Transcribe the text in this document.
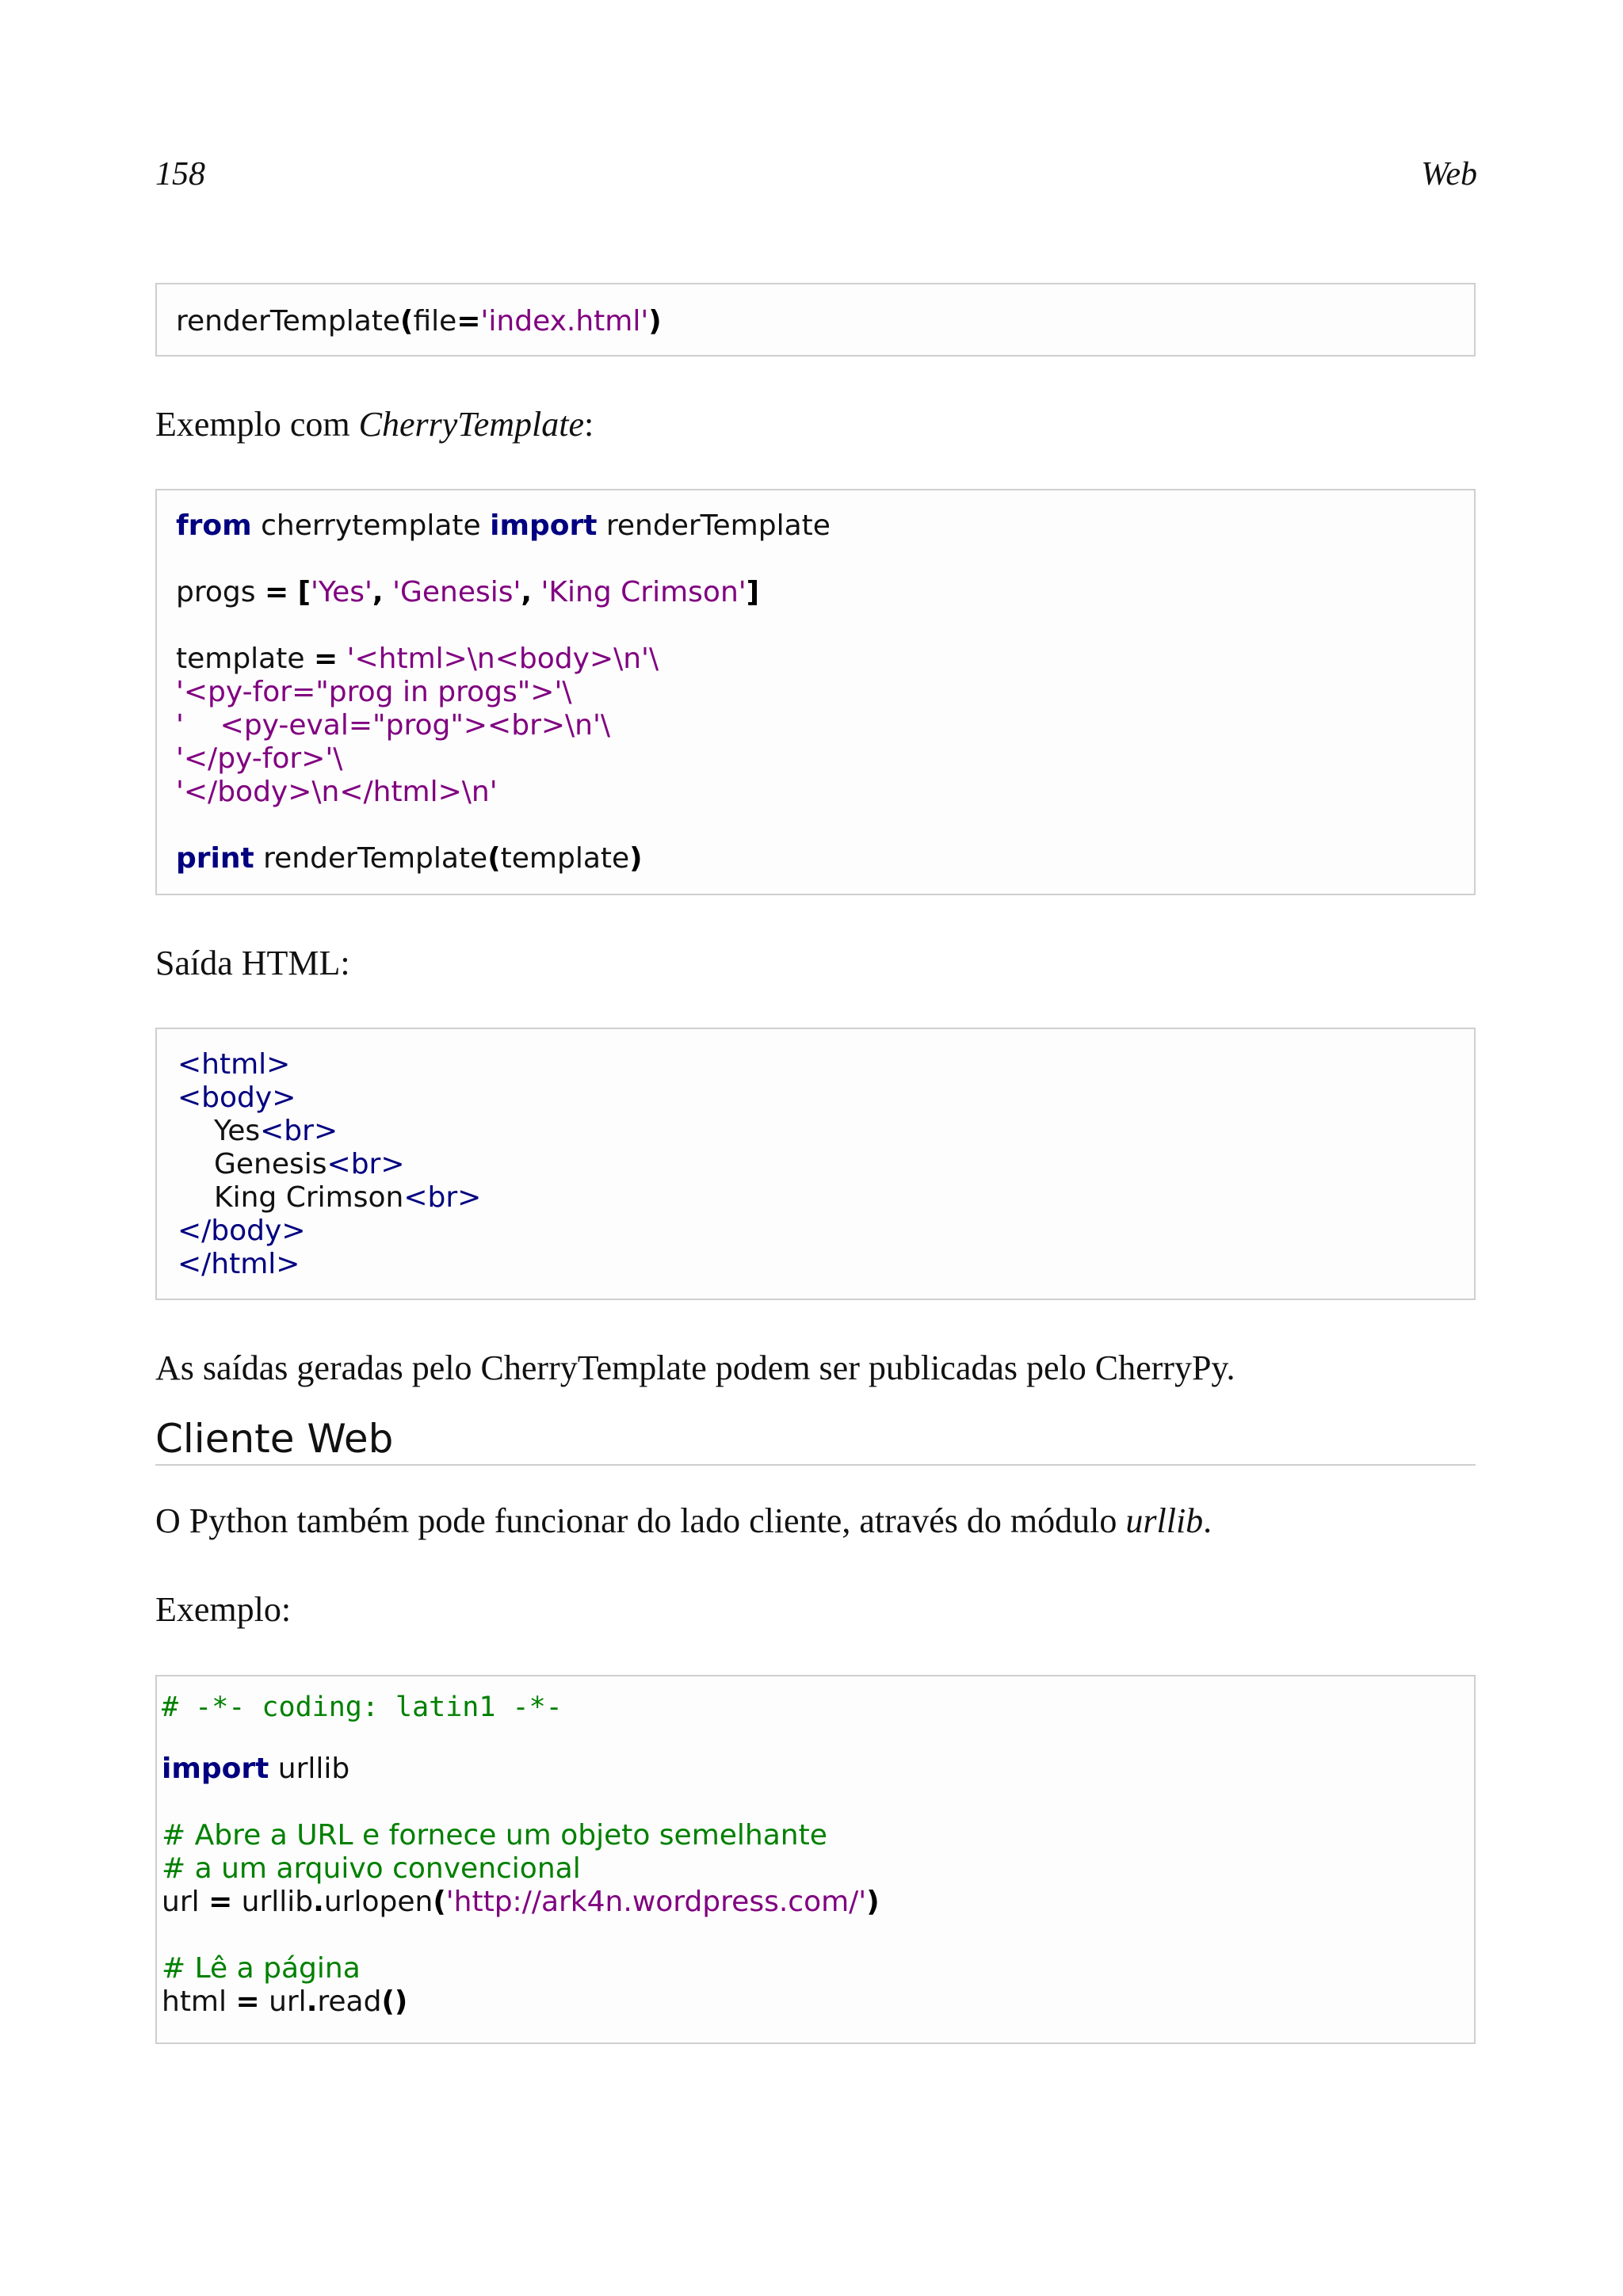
158	Web
renderTemplate(file='index.html')
Exemplo com CherryTemplate:
from cherrytemplate import renderTemplate
progs = ['Yes', 'Genesis', 'King Crimson']
template = '<html>\n<body>\n'\
'<py-for="prog in progs">'\
'    <py-eval="prog"><br>\n'\
'</py-for>'\
'</body>\n</html>\n'
print renderTemplate(template)
Saída HTML:
<html>
<body>
Yes<br>
Genesis<br>
King Crimson<br>
</body>
</html>
As saídas geradas pelo CherryTemplate podem ser publicadas pelo CherryPy.
Cliente Web
O Python também pode funcionar do lado cliente, através do módulo urllib.
Exemplo:
# -*- coding: latin1 -*-
import urllib
# Abre a URL e fornece um objeto semelhante
# a um arquivo convencional
url = urllib.urlopen('http://ark4n.wordpress.com/')
# Lê a página
html = url.read()
